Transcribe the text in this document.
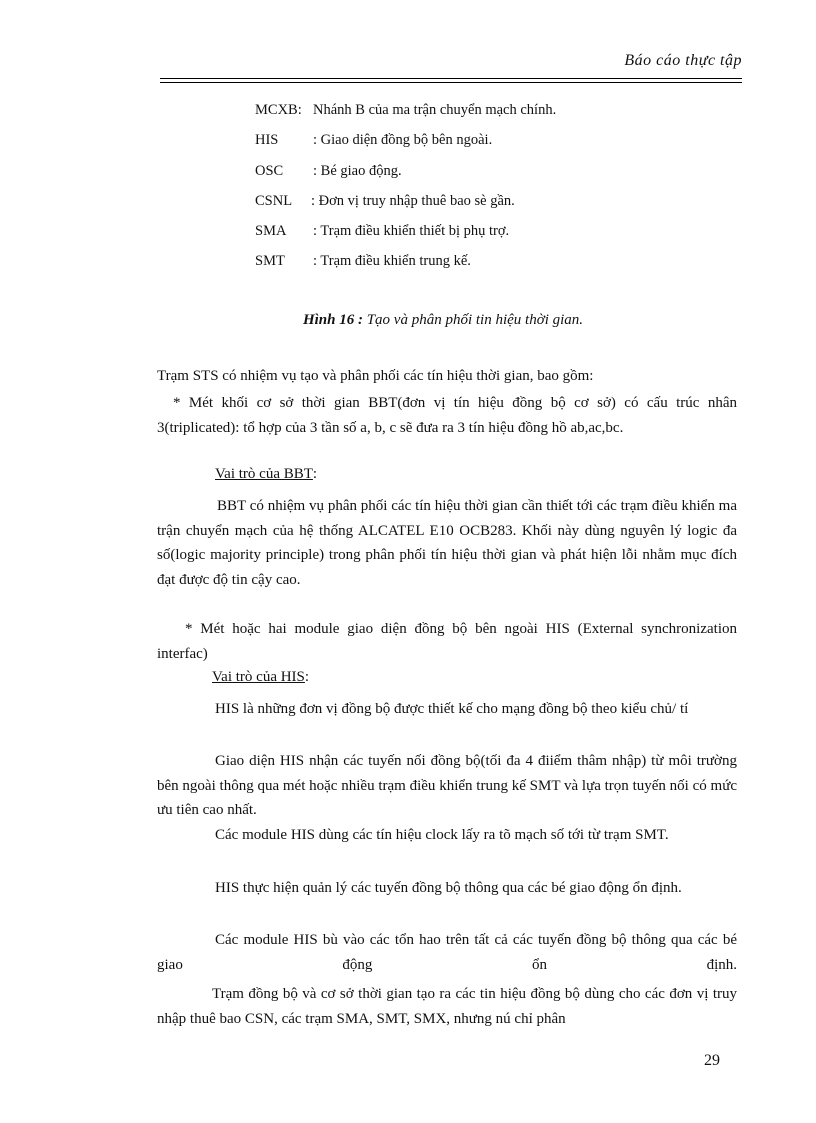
Báo cáo thực tập
MCXB: Nhánh B của ma trận chuyển mạch chính.
HIS : Giao diện đồng bộ bên ngoài.
OSC : Bé giao động.
CSNL : Đơn vị truy nhập thuê bao sè gần.
SMA : Trạm điều khiển thiết bị phụ trợ.
SMT : Trạm điều khiển trung kế.
Hình 16 : Tạo và phân phối tin hiệu thời gian.
Trạm STS có nhiệm vụ tạo và phân phối các tín hiệu thời gian, bao gồm:
* Mét khối cơ sở thời gian BBT(đơn vị tín hiệu đồng bộ cơ sở) có cấu trúc nhân 3(triplicated): tổ hợp của 3 tần số a, b, c sẽ đưa ra 3 tín hiệu đồng hồ ab,ac,bc.
Vai trò của BBT:
BBT có nhiệm vụ phân phối các tín hiệu thời gian cần thiết tới các trạm điều khiển ma trận chuyển mạch của hệ thống ALCATEL E10 OCB283. Khối này dùng nguyên lý logic đa số(logic majority principle) trong phân phối tín hiệu thời gian và phát hiện lỗi nhằm mục đích đạt được độ tin cậy cao.
* Mét hoặc hai module giao diện đồng bộ bên ngoài HIS (External synchronization interfac)
Vai trò của HIS:
HIS là những đơn vị đồng bộ được thiết kế cho mạng đồng bộ theo kiểu chủ/ tí
Giao diện HIS nhận các tuyến nối đồng bộ(tối đa 4 điiểm thâm nhập) từ môi trường bên ngoài thông qua mét hoặc nhiều trạm điều khiển trung kế SMT và lựa trọn tuyến nối có mức ưu tiên cao nhất.
Các module HIS dùng các tín hiệu clock lấy ra tõ mạch số tới từ trạm SMT.
HIS thực hiện quản lý các tuyến đồng bộ thông qua các bé giao động ổn định.
Các module HIS bù vào các tổn hao trên tất cả các tuyến đồng bộ thông qua các bé giao động ổn định.
Trạm đồng bộ và cơ sở thời gian tạo ra các tin hiệu đồng bộ dùng cho các đơn vị truy nhập thuê bao CSN, các trạm SMA, SMT, SMX, nhưng nú chỉ phân
29
